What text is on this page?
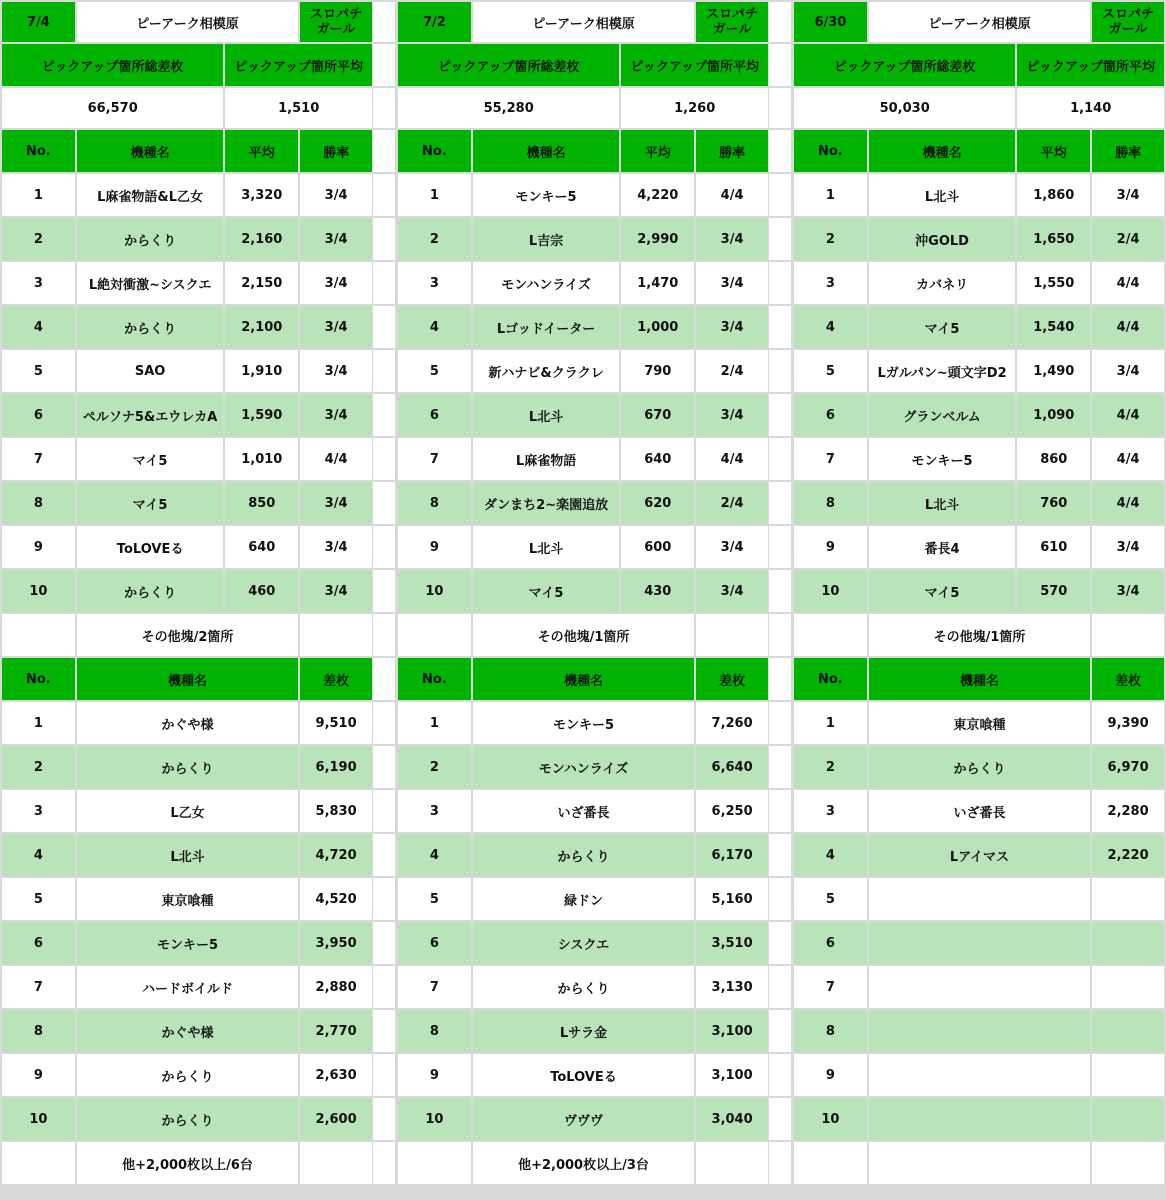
7/4	ピーアーク相模原		スロパチ
ガール

ピックアップ箇所総差枚		ピックアップ箇所平均	
66,570		1,510	
No.	機種名	平均	勝率
1	L麻雀物語&L乙女	3,320	3/4
2	からくり	2,160	3/4
3	L絶対衝激~シスクエ	2,150	3/4
4	からくり	2,100	3/4
5	SAO	1,910	3/4
6	ペルソナ5&エウレカA	1,590	3/4
7	マイ5	1,010	4/4
8	マイ5	850	3/4
9	ToLOVEる	640	3/4
10	からくり	460	3/4
	その他塊/2箇所		
No.	機種名		差枚
1	かぐや様		9,510
2	からくり		6,190
3	L乙女		5,830
4	L北斗		4,720
5	東京喰種		4,520
6	モンキー5		3,950
7	ハードボイルド		2,880
8	かぐや様		2,770
9	からくり		2,630
10	からくり		2,600
	他+2,000枚以上/6台		
7/2	ピーアーク相模原		スロパチ
ガール

ピックアップ箇所総差枚		ピックアップ箇所平均	
55,280		1,260	
No.	機種名	平均	勝率
1	モンキー5	4,220	4/4
2	L吉宗	2,990	3/4
3	モンハンライズ	1,470	3/4
4	Lゴッドイーター	1,000	3/4
5	新ハナビ&クラクレ	790	2/4
6	L北斗	670	3/4
7	L麻雀物語	640	4/4
8	ダンまち2~楽園追放	620	2/4
9	L北斗	600	3/4
10	マイ5	430	3/4
	その他塊/1箇所		
No.	機種名		差枚
1	モンキー5		7,260
2	モンハンライズ		6,640
3	いざ番長		6,250
4	からくり		6,170
5	緑ドン		5,160
6	シスクエ		3,510
7	からくり		3,130
8	Lサラ金		3,100
9	ToLOVEる		3,100
10	ヴヴヴ		3,040
	他+2,000枚以上/3台		
6/30	ピーアーク相模原		スロパチ
ガール

ピックアップ箇所総差枚		ピックアップ箇所平均	
50,030		1,140	
No.	機種名	平均	勝率
1	L北斗	1,860	3/4
2	沖GOLD	1,650	2/4
3	カバネリ	1,550	4/4
4	マイ5	1,540	4/4
5	Lガルパン~頭文字D2	1,490	3/4
6	グランベルム	1,090	4/4
7	モンキー5	860	4/4
8	L北斗	760	4/4
9	番長4	610	3/4
10	マイ5	570	3/4
	その他塊/1箇所		
No.	機種名		差枚
1	東京喰種		9,390
2	からくり		6,970
3	いざ番長		2,280
4	Lアイマス		2,220
5			
6			
7			
8			
9			
10			
